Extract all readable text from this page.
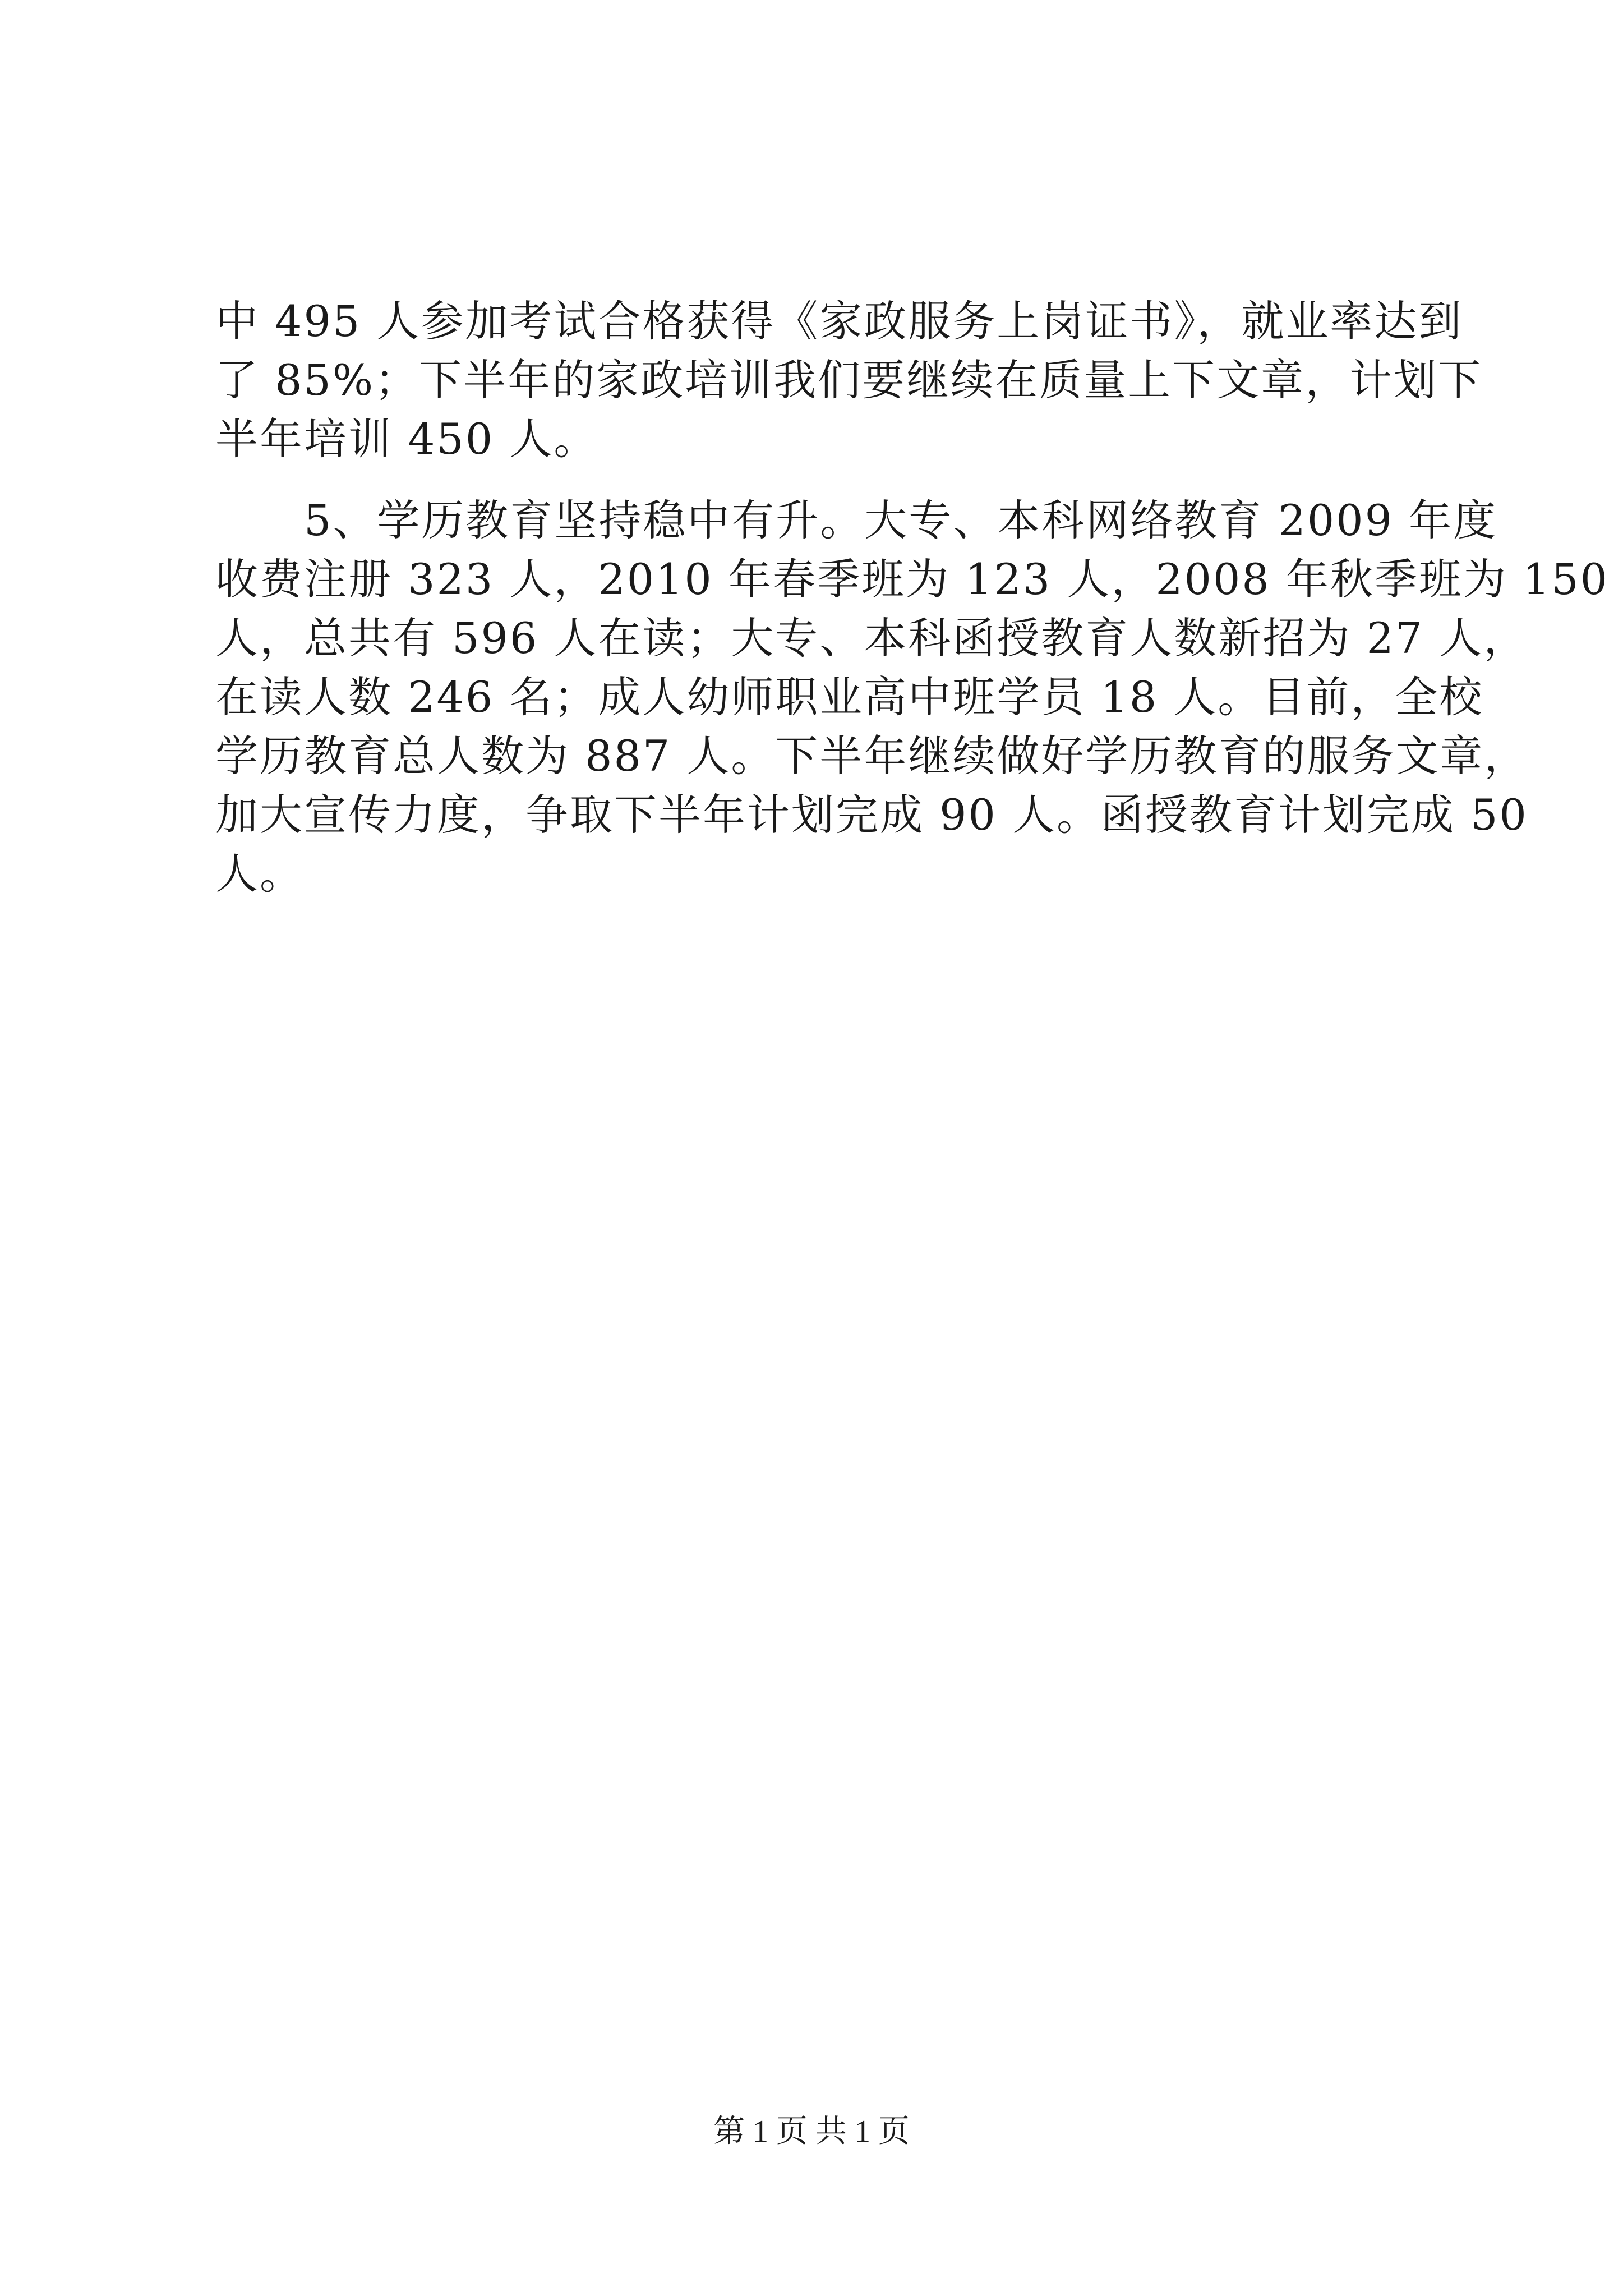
中 495 人参加考试合格获得《家政服务上岗证书》，就业率达到
了 85%；下半年的家政培训我们要继续在质量上下文章，计划下
半年培训 450 人。
　　5、学历教育坚持稳中有升。大专、本科网络教育 2009 年度
收费注册 323 人，2010 年春季班为 123 人，2008 年秋季班为 150
人，总共有 596 人在读；大专、本科函授教育人数新招为 27 人，
在读人数 246 名；成人幼师职业高中班学员 18 人。目前，全校
学历教育总人数为 887 人。下半年继续做好学历教育的服务文章，
加大宣传力度，争取下半年计划完成 90 人。函授教育计划完成 50
人。
第 1 页 共 1 页
